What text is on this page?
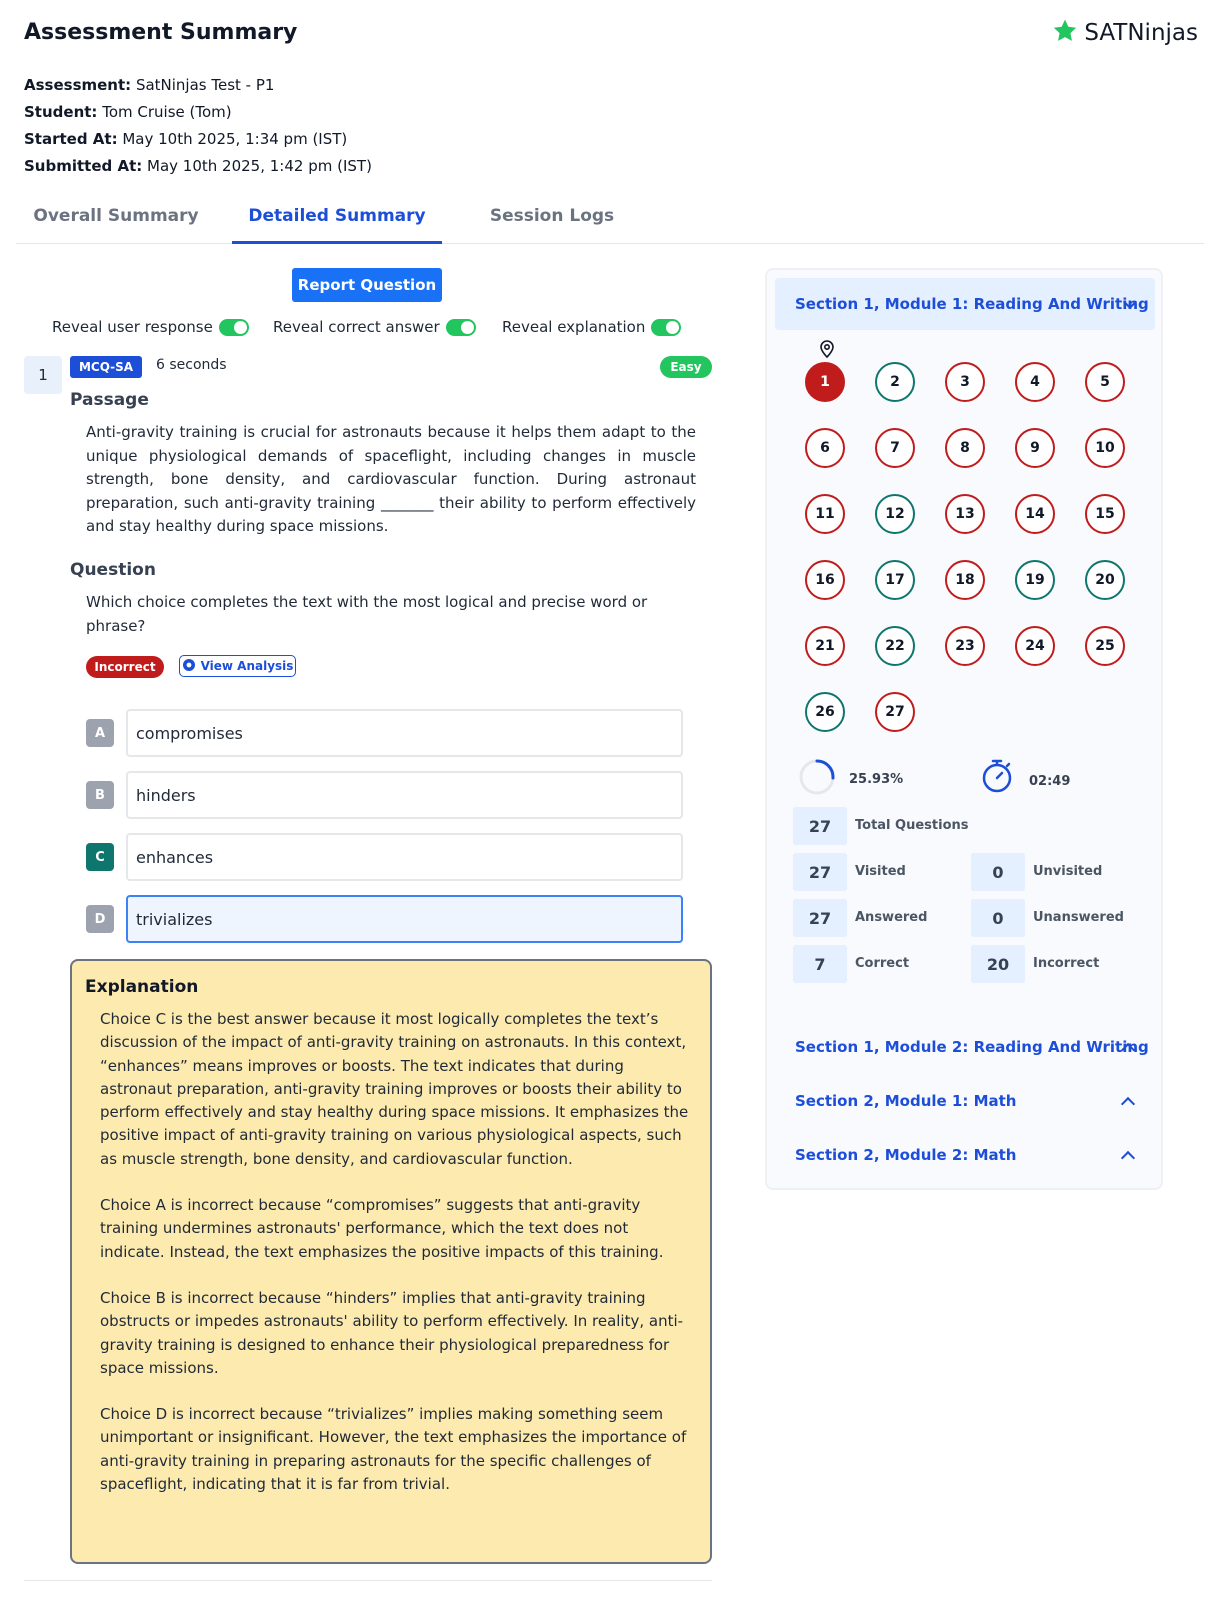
Assessment Summary	SATNinjas
Assessment: SatNinjas Test - P1
Student: Tom Cruise (Tom)
Started At: May 10th 2025, 1:34 pm (IST)
Submitted At: May 10th 2025, 1:42 pm (IST)
Overall Summary	Detailed Summary	Session Logs
Report Question
Reveal user response	Reveal correct answer	Reveal explanation
1	MCQ-SA	6 seconds	Easy
Passage
Anti-gravity training is crucial for astronauts because it helps them adapt to the unique physiological demands of spaceflight, including changes in muscle strength, bone density, and cardiovascular function. During astronaut preparation, such anti-gravity training _______ their ability to perform effectively and stay healthy during space missions.
Question
Which choice completes the text with the most logical and precise word or phrase?
Incorrect	View Analysis
A	compromises
B	hinders
C	enhances
D	trivializes
Explanation

Choice C is the best answer because it most logically completes the text’s discussion of the impact of anti-gravity training on astronauts. In this context, “enhances” means improves or boosts. The text indicates that during astronaut preparation, anti-gravity training improves or boosts their ability to perform effectively and stay healthy during space missions. It emphasizes the positive impact of anti-gravity training on various physiological aspects, such as muscle strength, bone density, and cardiovascular function.

Choice A is incorrect because “compromises” suggests that anti-gravity training undermines astronauts' performance, which the text does not indicate. Instead, the text emphasizes the positive impacts of this training.

Choice B is incorrect because “hinders” implies that anti-gravity training obstructs or impedes astronauts' ability to perform effectively. In reality, anti-gravity training is designed to enhance their physiological preparedness for space missions.

Choice D is incorrect because “trivializes” implies making something seem unimportant or insignificant. However, the text emphasizes the importance of anti-gravity training in preparing astronauts for the specific challenges of spaceflight, indicating that it is far from trivial.

Section 1, Module 1: Reading And Writing
1	2	3	4	5
6	7	8	9	10
11	12	13	14	15
16	17	18	19	20
21	22	23	24	25
26	27
25.93%	02:49
27	Total Questions
27	Visited	0	Unvisited
27	Answered	0	Unanswered
7	Correct	20	Incorrect
Section 1, Module 2: Reading And Writing
Section 2, Module 1: Math
Section 2, Module 2: Math
